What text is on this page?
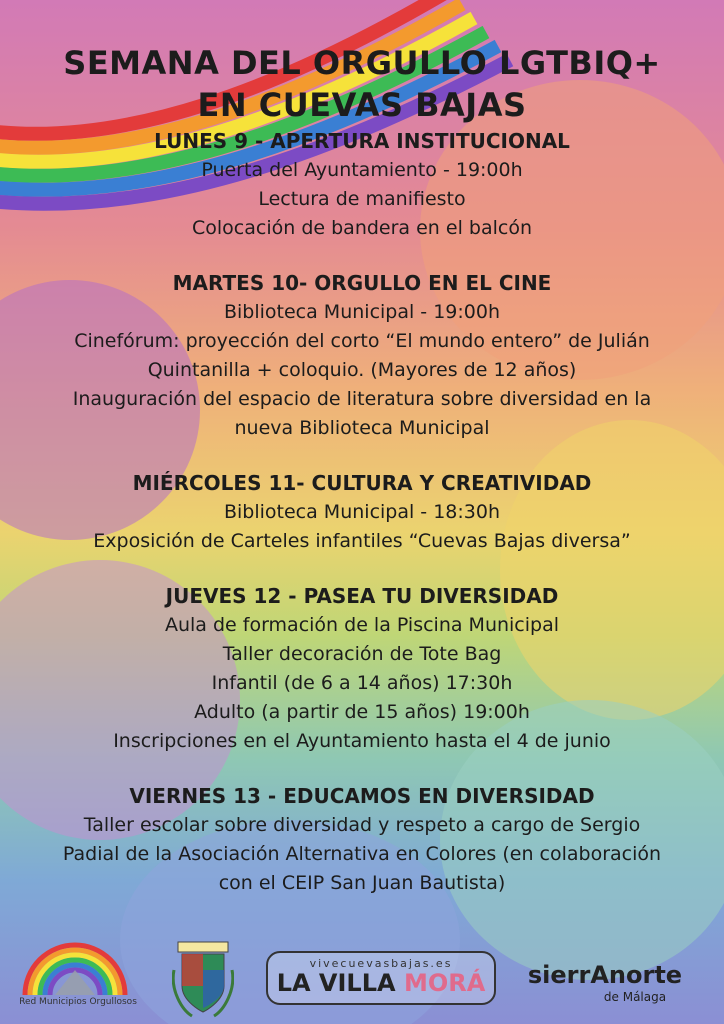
SEMANA DEL ORGULLO LGTBIQ+
EN CUEVAS BAJAS

LUNES 9 - APERTURA INSTITUCIONAL

Puerta del Ayuntamiento - 19:00h

Lectura de manifiesto

Colocación de bandera en el balcón

MARTES 10- ORGULLO EN EL CINE

Biblioteca Municipal - 19:00h

Cinefórum: proyección del corto “El mundo entero” de Julián

Quintanilla + coloquio. (Mayores de 12 años)

Inauguración del espacio de literatura sobre diversidad en la

nueva Biblioteca Municipal

MIÉRCOLES 11- CULTURA Y CREATIVIDAD

Biblioteca Municipal - 18:30h

Exposición de Carteles infantiles “Cuevas Bajas diversa”

JUEVES 12 - PASEA TU DIVERSIDAD

Aula de formación de la Piscina Municipal

Taller decoración de Tote Bag

Infantil (de 6 a 14 años) 17:30h

Adulto (a partir de 15 años) 19:00h

Inscripciones en el Ayuntamiento hasta el 4 de junio

VIERNES 13 - EDUCAMOS EN DIVERSIDAD

Taller escolar sobre diversidad y respeto a cargo de Sergio

Padial de la Asociación Alternativa en Colores (en colaboración

con el CEIP San Juan Bautista)

Red Municipios Orgullosos
vivecuevasbajas.es
LA VILLA MORÁ	sierrAnorte
de Málaga
